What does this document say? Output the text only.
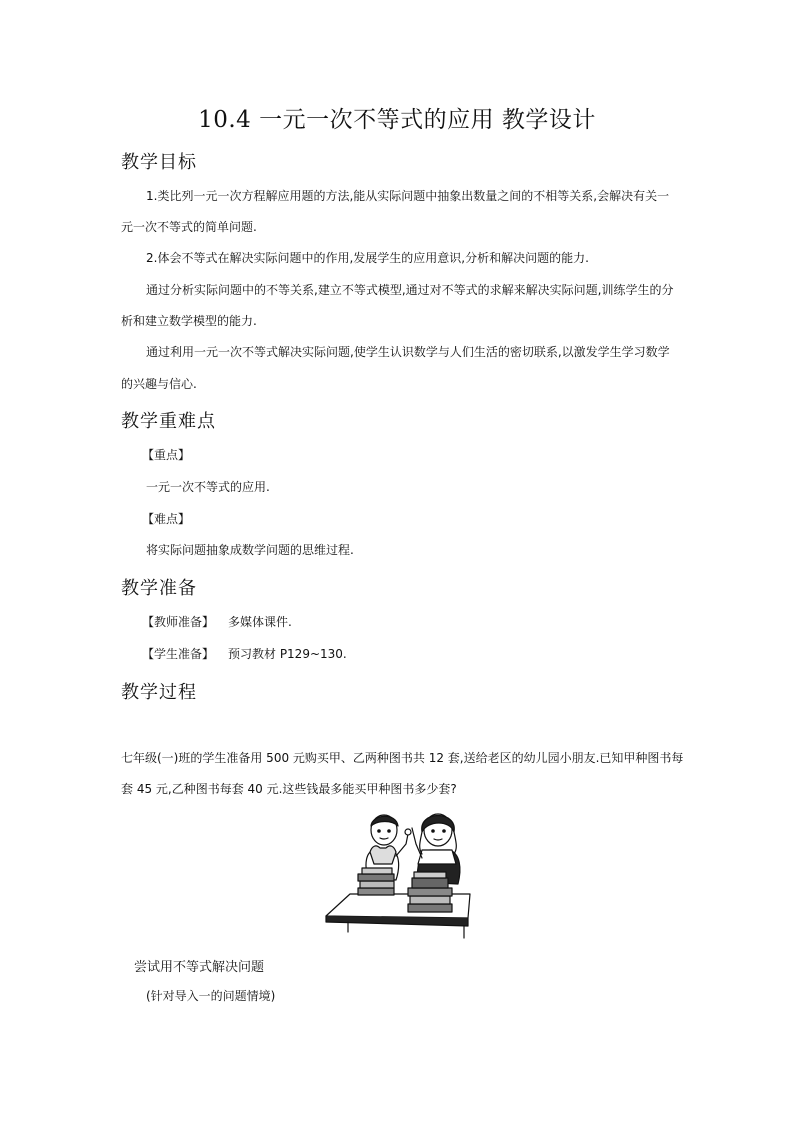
10.4 一元一次不等式的应用 教学设计
教学目标
1.类比列一元一次方程解应用题的方法,能从实际问题中抽象出数量之间的不相等关系,会解决有关一
元一次不等式的简单问题.
2.体会不等式在解决实际问题中的作用,发展学生的应用意识,分析和解决问题的能力.
通过分析实际问题中的不等关系,建立不等式模型,通过对不等式的求解来解决实际问题,训练学生的分
析和建立数学模型的能力.
通过利用一元一次不等式解决实际问题,使学生认识数学与人们生活的密切联系,以激发学生学习数学
的兴趣与信心.
教学重难点
【重点】
一元一次不等式的应用.
【难点】
将实际问题抽象成数学问题的思维过程.
教学准备
【教师准备】 多媒体课件.
【学生准备】 预习教材 P129~130.
教学过程
七年级(一)班的学生准备用 500 元购买甲、乙两种图书共 12 套,送给老区的幼儿园小朋友.已知甲种图书每
套 45 元,乙种图书每套 40 元.这些钱最多能买甲种图书多少套?
尝试用不等式解决问题
(针对导入一的问题情境)
